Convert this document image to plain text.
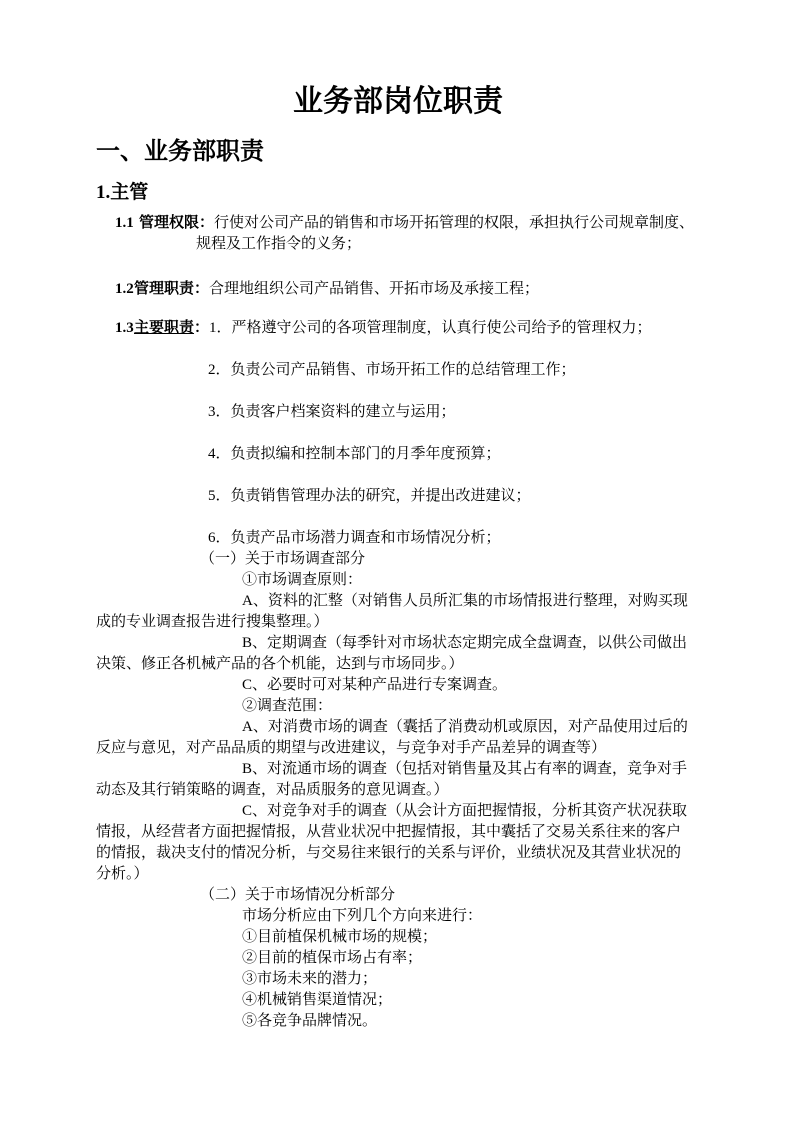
业务部岗位职责
一、业务部职责
1.主管
1.1 管理权限：行使对公司产品的销售和市场开拓管理的权限，承担执行公司规章制度、
规程及工作指令的义务；
1.2管理职责：合理地组织公司产品销售、开拓市场及承接工程；
1.3主要职责：1．严格遵守公司的各项管理制度，认真行使公司给予的管理权力；
2．负责公司产品销售、市场开拓工作的总结管理工作；
3．负责客户档案资料的建立与运用；
4．负责拟编和控制本部门的月季年度预算；
5．负责销售管理办法的研究，并提出改进建议；
6．负责产品市场潜力调查和市场情况分析；
（一）关于市场调查部分
①市场调查原则：
A、资料的汇整（对销售人员所汇集的市场情报进行整理，对购买现
成的专业调查报告进行搜集整理。）
B、定期调查（每季针对市场状态定期完成全盘调查，以供公司做出
决策、修正各机械产品的各个机能，达到与市场同步。）
C、必要时可对某种产品进行专案调查。
②调查范围：
A、对消费市场的调查（囊括了消费动机或原因，对产品使用过后的
反应与意见，对产品品质的期望与改进建议，与竞争对手产品差异的调查等）
B、对流通市场的调查（包括对销售量及其占有率的调查，竞争对手
动态及其行销策略的调查，对品质服务的意见调查。）
C、对竞争对手的调查（从会计方面把握情报，分析其资产状况获取
情报，从经营者方面把握情报，从营业状况中把握情报，其中囊括了交易关系往来的客户
的情报，裁决支付的情况分析，与交易往来银行的关系与评价，业绩状况及其营业状况的
分析。）
（二）关于市场情况分析部分
市场分析应由下列几个方向来进行：
①目前植保机械市场的规模；
②目前的植保市场占有率；
③市场未来的潜力；
④机械销售渠道情况；
⑤各竞争品牌情况。
